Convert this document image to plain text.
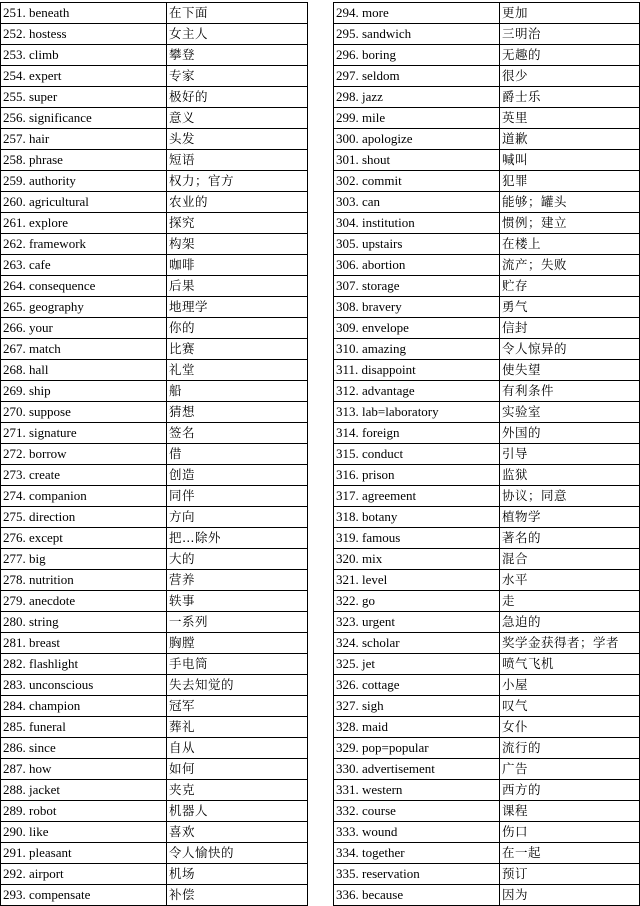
251. beneath	在下面
252. hostess	女主人
253. climb	攀登
254. expert	专家
255. super	极好的
256. significance	意义
257. hair	头发
258. phrase	短语
259. authority	权力；官方
260. agricultural	农业的
261. explore	探究
262. framework	构架
263. cafe	咖啡
264. consequence	后果
265. geography	地理学
266. your	你的
267. match	比赛
268. hall	礼堂
269. ship	船
270. suppose	猜想
271. signature	签名
272. borrow	借
273. create	创造
274. companion	同伴
275. direction	方向
276. except	把…除外
277. big	大的
278. nutrition	营养
279. anecdote	轶事
280. string	一系列
281. breast	胸膛
282. flashlight	手电筒
283. unconscious	失去知觉的
284. champion	冠军
285. funeral	葬礼
286. since	自从
287. how	如何
288. jacket	夹克
289. robot	机器人
290. like	喜欢
291. pleasant	令人愉快的
292. airport	机场
293. compensate	补偿
294. more	更加
295. sandwich	三明治
296. boring	无趣的
297. seldom	很少
298. jazz	爵士乐
299. mile	英里
300. apologize	道歉
301. shout	喊叫
302. commit	犯罪
303. can	能够；罐头
304. institution	惯例；建立
305. upstairs	在楼上
306. abortion	流产；失败
307. storage	贮存
308. bravery	勇气
309. envelope	信封
310. amazing	令人惊异的
311. disappoint	使失望
312. advantage	有利条件
313. lab=laboratory	实验室
314. foreign	外国的
315. conduct	引导
316. prison	监狱
317. agreement	协议；同意
318. botany	植物学
319. famous	著名的
320. mix	混合
321. level	水平
322. go	走
323. urgent	急迫的
324. scholar	奖学金获得者；学者
325. jet	喷气飞机
326. cottage	小屋
327. sigh	叹气
328. maid	女仆
329. pop=popular	流行的
330. advertisement	广告
331. western	西方的
332. course	课程
333. wound	伤口
334. together	在一起
335. reservation	预订
336. because	因为
